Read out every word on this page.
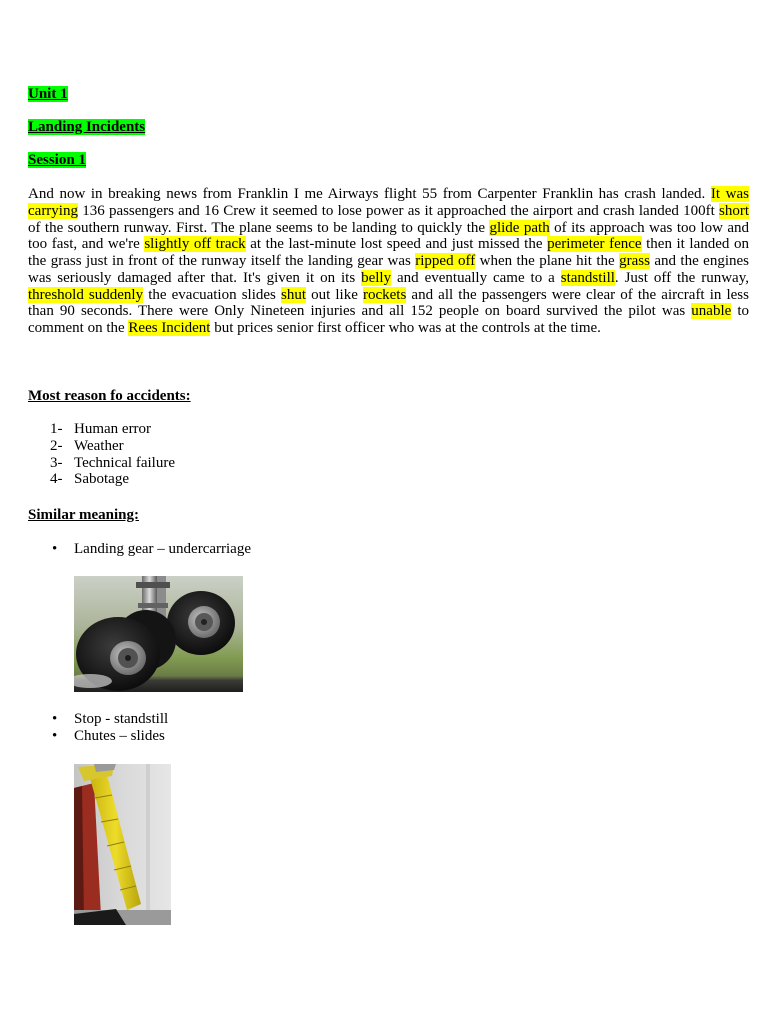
Unit 1
Landing Incidents
Session 1
And now in breaking news from Franklin I me Airways flight 55 from Carpenter Franklin has crash landed. It was
carrying 136 passengers and 16 Crew it seemed to lose power as it approached the airport and crash landed 100ft short
of the southern runway. First. The plane seems to be landing to quickly the glide path of its approach was too low and
too fast, and we're slightly off track at the last-minute lost speed and just missed the perimeter fence then it landed on
the grass just in front of the runway itself the landing gear was ripped off when the plane hit the grass and the engines
was seriously damaged after that. It's given it on its belly and eventually came to a standstill. Just off the runway,
threshold suddenly the evacuation slides shut out like rockets and all the passengers were clear of the aircraft in less
than 90 seconds. There were Only Nineteen injuries and all 152 people on board survived the pilot was unable to
comment on the Rees Incident but prices senior first officer who was at the controls at the time.
Most reason fo accidents:
1- Human error
2- Weather
3- Technical failure
4- Sabotage
Similar meaning:
• Landing gear – undercarriage
• Stop - standstill
• Chutes – slides
